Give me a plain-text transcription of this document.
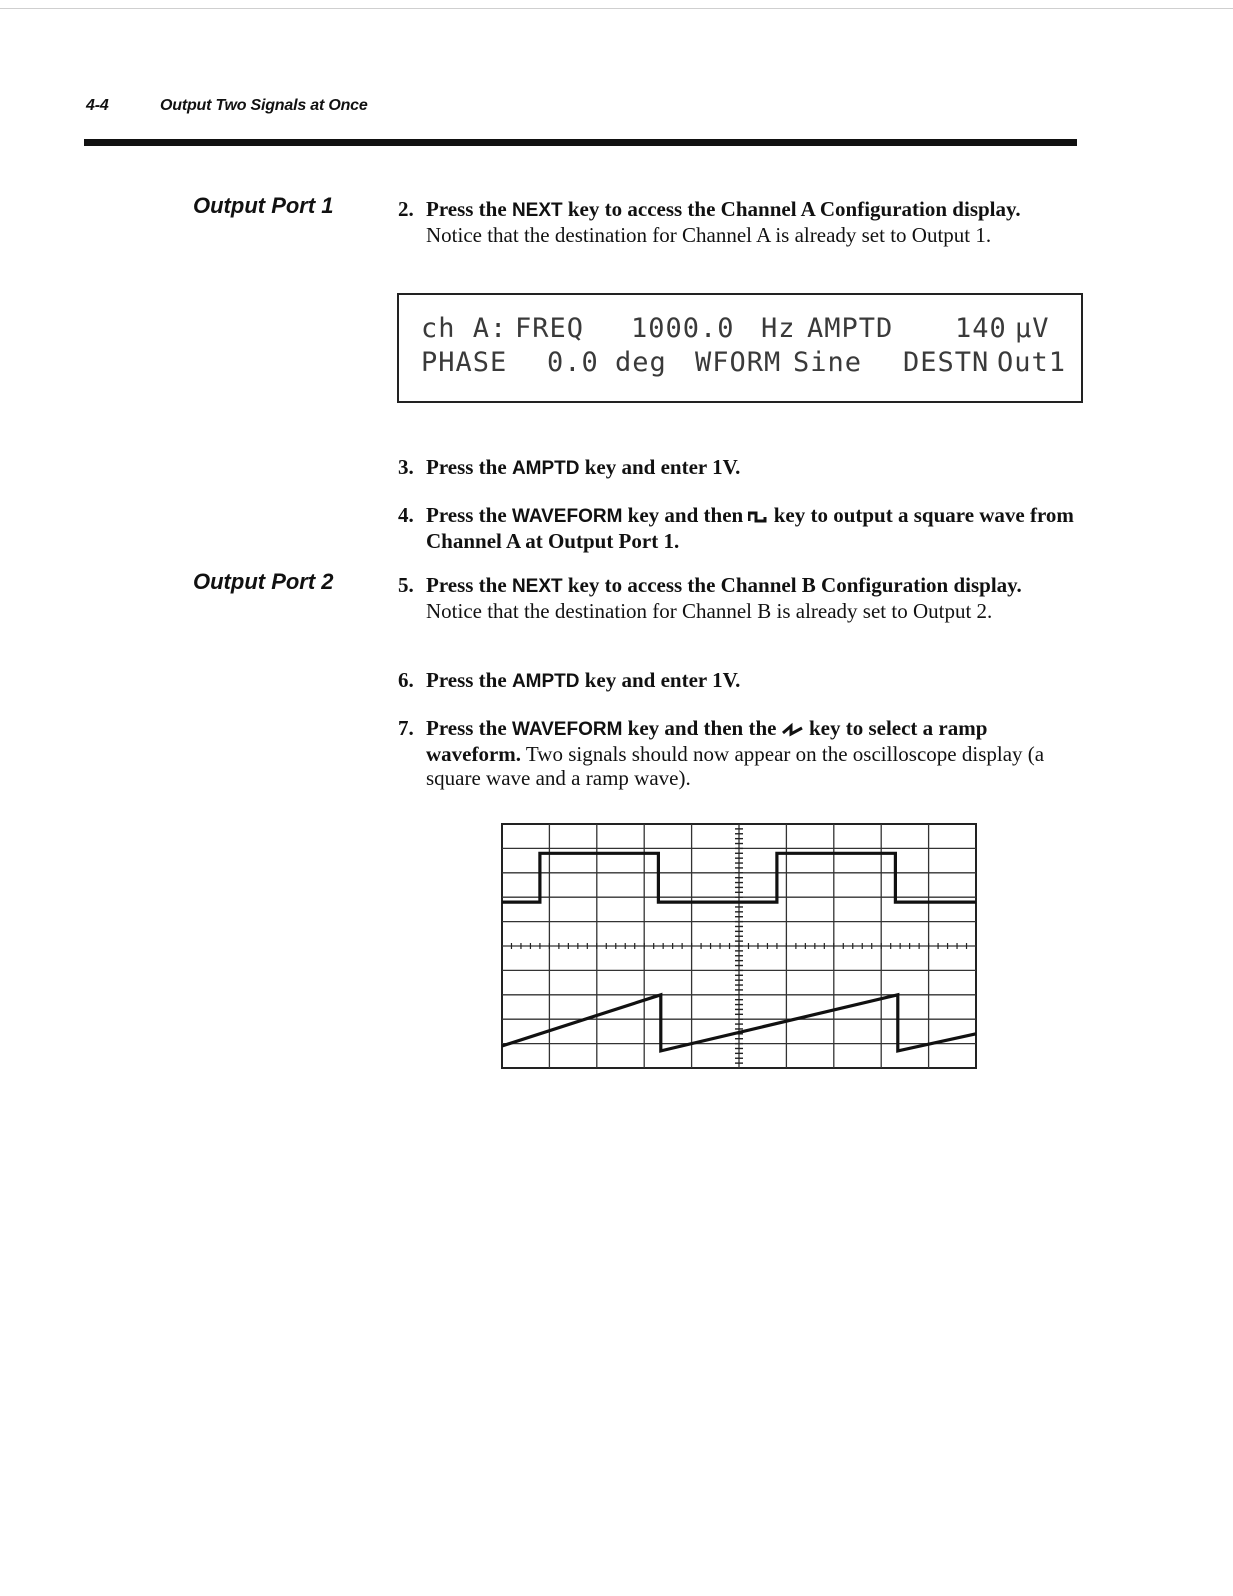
4-4	Output Two Signals at Once
Output Port 1
Output Port 2
2. Press the NEXT key to access the Channel A Configuration display. Notice that the destination for Channel A is already set to Output 1.
ch A: FREQ 1000.0 Hz AMPTD 140 µV
PHASE 0.0 deg WFORM Sine DESTN Out1
3. Press the AMPTD key and enter 1V.
4. Press the WAVEFORM key and then  key to output a square wave from Channel A at Output Port 1.
5. Press the NEXT key to access the Channel B Configuration display. Notice that the destination for Channel B is already set to Output 2.
6. Press the AMPTD key and enter 1V.
7. Press the WAVEFORM key and then the  key to select a ramp waveform. Two signals should now appear on the oscilloscope display (a square wave and a ramp wave).
